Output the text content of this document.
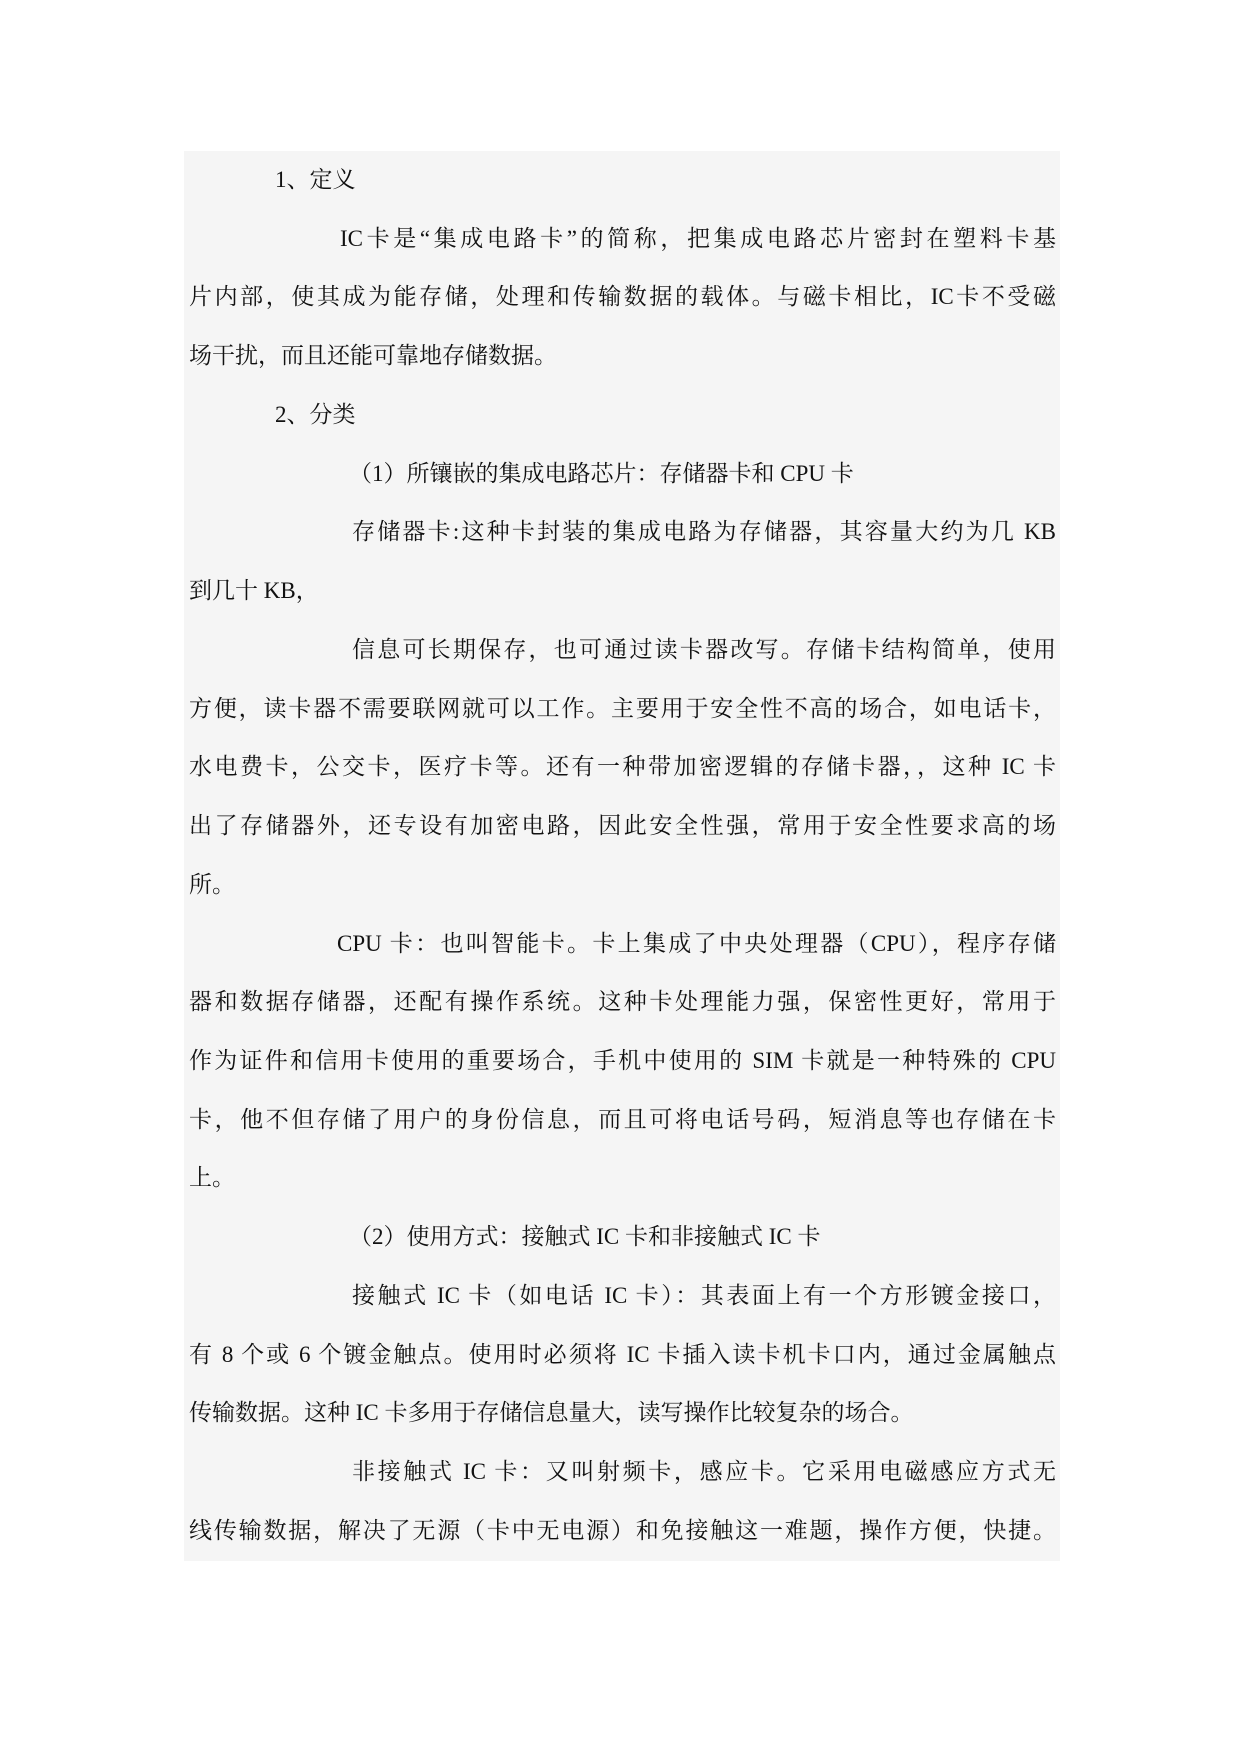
1、定义
IC卡是“集成电路卡”的简称，把集成电路芯片密封在塑料卡基
片内部，使其成为能存储，处理和传输数据的载体。与磁卡相比，IC卡不受磁
场干扰，而且还能可靠地存储数据。
2、分类
（1）所镶嵌的集成电路芯片：存储器卡和 CPU 卡
存储器卡:这种卡封装的集成电路为存储器，其容量大约为几 KB
到几十 KB，
信息可长期保存，也可通过读卡器改写。存储卡结构简单，使用
方便，读卡器不需要联网就可以工作。主要用于安全性不高的场合，如电话卡，
水电费卡，公交卡，医疗卡等。还有一种带加密逻辑的存储卡器，，这种 IC 卡
出了存储器外，还专设有加密电路，因此安全性强，常用于安全性要求高的场
所。
CPU 卡：也叫智能卡。卡上集成了中央处理器（CPU），程序存储
器和数据存储器，还配有操作系统。这种卡处理能力强，保密性更好，常用于
作为证件和信用卡使用的重要场合，手机中使用的 SIM 卡就是一种特殊的 CPU
卡，他不但存储了用户的身份信息，而且可将电话号码，短消息等也存储在卡
上。
（2）使用方式：接触式 IC 卡和非接触式 IC 卡
接触式 IC 卡（如电话 IC 卡）：其表面上有一个方形镀金接口，
有 8 个或 6 个镀金触点。使用时必须将 IC 卡插入读卡机卡口内，通过金属触点
传输数据。这种 IC 卡多用于存储信息量大，读写操作比较复杂的场合。
非接触式 IC 卡：又叫射频卡，感应卡。它采用电磁感应方式无
线传输数据，解决了无源（卡中无电源）和免接触这一难题，操作方便，快捷。
